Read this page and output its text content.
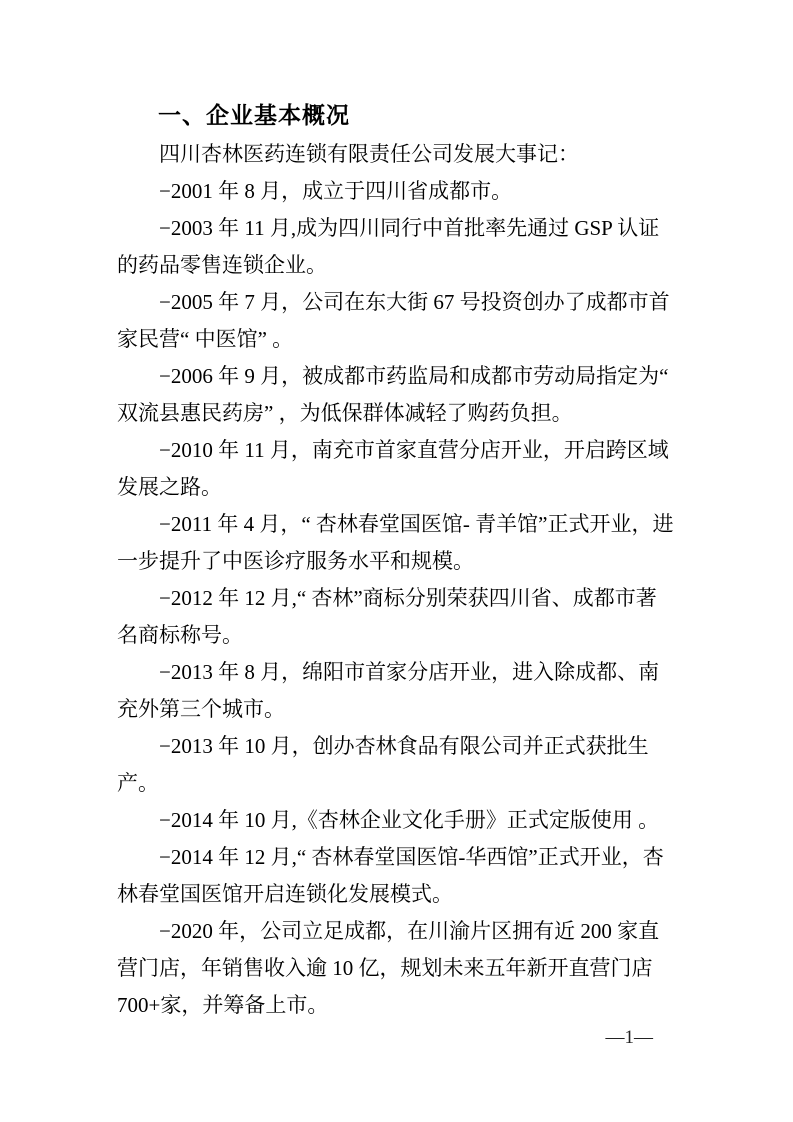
一、企业基本概况

四川杏林医药连锁有限责任公司发展大事记：

−2001 年 8 月，成立于四川省成都市。

−2003 年 11 月,成为四川同行中首批率先通过 GSP 认证的药品零售连锁企业。

−2005 年 7 月，公司在东大街 67 号投资创办了成都市首家民营“ 中医馆” 。

−2006 年 9 月，被成都市药监局和成都市劳动局指定为“ 双流县惠民药房” ，为低保群体减轻了购药负担。

−2010 年 11 月，南充市首家直营分店开业，开启跨区域发展之路。

−2011 年 4 月，“ 杏林春堂国医馆- 青羊馆”正式开业，进一步提升了中医诊疗服务水平和规模。

−2012 年 12 月,“ 杏林”商标分别荣获四川省、成都市著名商标称号。

−2013 年 8 月，绵阳市首家分店开业，进入除成都、南充外第三个城市。

−2013 年 10 月，创办杏林食品有限公司并正式获批生产。

−2014 年 10 月,《杏林企业文化手册》正式定版使用 。

−2014 年 12 月,“ 杏林春堂国医馆-华西馆”正式开业，杏林春堂国医馆开启连锁化发展模式。

−2020 年，公司立足成都，在川渝片区拥有近 200 家直营门店，年销售收入逾 10 亿，规划未来五年新开直营门店 700+家，并筹备上市。

—1—
